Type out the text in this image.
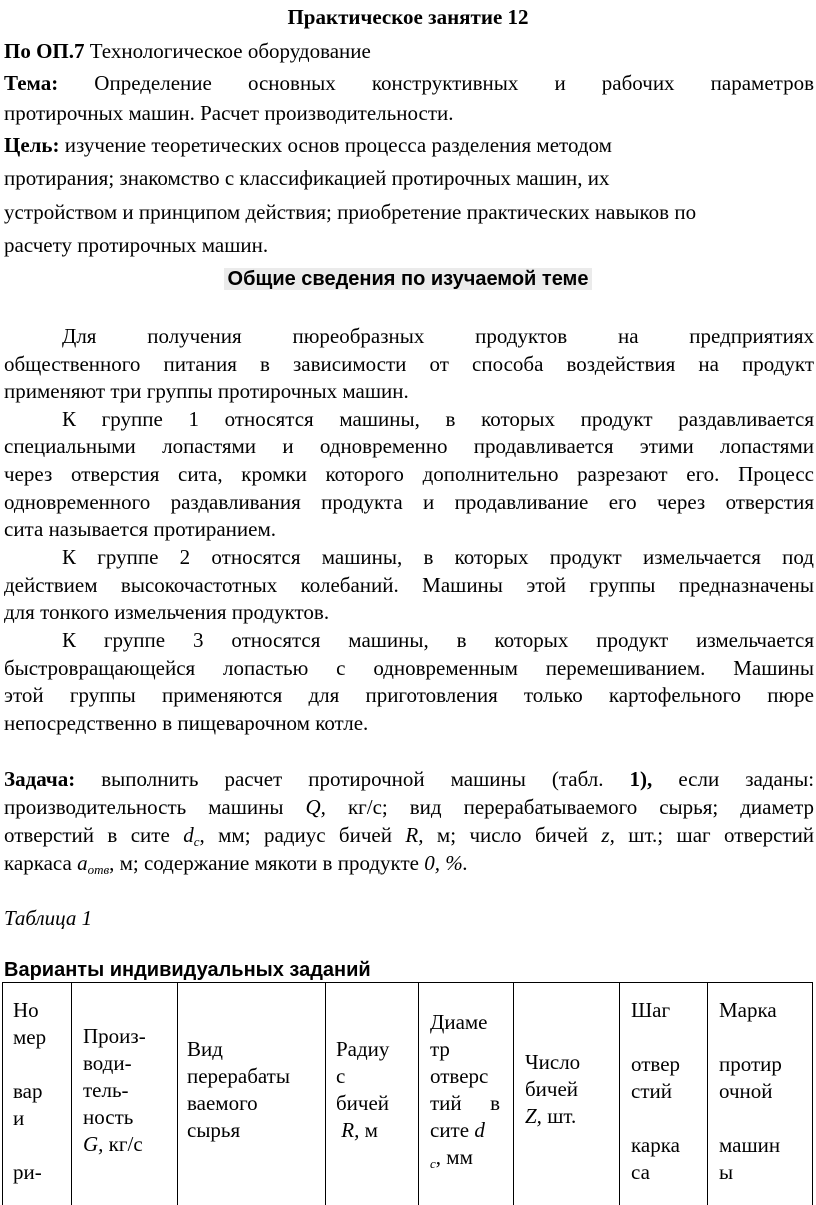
Практическое занятие 12
По ОП.7 Технологическое оборудование
Тема: Определение основных конструктивных и рабочих параметров
протирочных машин. Расчет производительности.
Цель: изучение теоретических основ процесса разделения методом
протирания; знакомство с классификацией протирочных машин, их
устройством и принципом действия; приобретение практических навыков по
расчету протирочных машин.
Общие сведения по изучаемой теме
Для получения пюреобразных продуктов на предприятиях
общественного питания в зависимости от способа воздействия на продукт
применяют три группы протирочных машин.
К группе 1 относятся машины, в которых продукт раздавливается
специальными лопастями и одновременно продавливается этими лопастями
через отверстия сита, кромки которого дополнительно разрезают его. Процесс
одновременного раздавливания продукта и продавливание его через отверстия
сита называется протиранием.
К группе 2 относятся машины, в которых продукт измельчается под
действием высокочастотных колебаний. Машины этой группы предназначены
для тонкого измельчения продуктов.
К группе 3 относятся машины, в которых продукт измельчается
быстровращающейся лопастью с одновременным перемешиванием. Машины
этой группы применяются для приготовления только картофельного пюре
непосредственно в пищеварочном котле.
Задача: выполнить расчет протирочной машины (табл. 1), если заданы:
производительность машины Q, кг/с; вид перерабатываемого сырья; диаметр
отверстий в сите $d_c$, мм; радиус бичей R, м; число бичей z, шт.; шаг отверстий
каркаса $a_{отв}$, м; содержание мякоти в продукте 0, %.
Таблица 1
Варианты индивидуальных заданий
Но
мер

вар
и

ри-
Произ-
води-
тель-
ность
G, кг/с
Вид
перерабаты
ваемого
сырья
Радиу
с
бичей
R, м
Диаме
тр
отверс
тий в
сите d
$_c$, мм
Число
бичей
Z, шт.
Шаг

отвер
стий

карка
са
Марка

протир
очной

машин
ы
